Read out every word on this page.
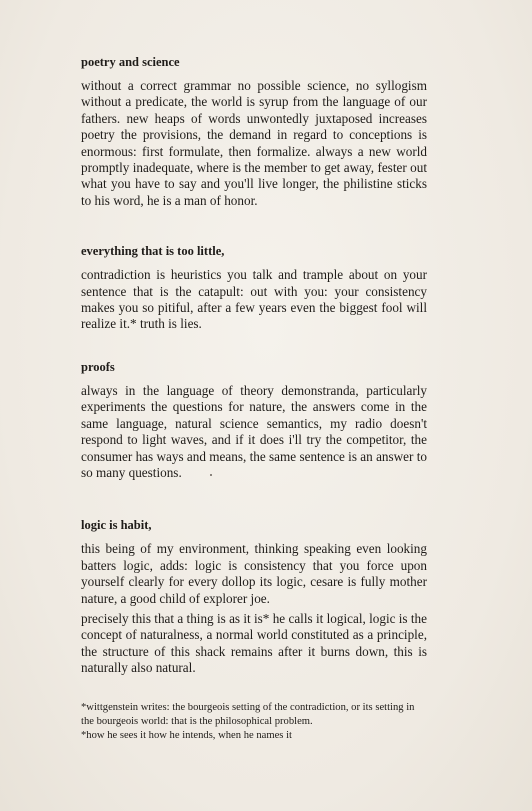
poetry and science

without a correct grammar no possible science, no syllogism without a predicate, the world is syrup from the language of our fathers. new heaps of words unwontedly juxtaposed increases poetry the provisions, the demand in regard to conceptions is enormous: first formulate, then formalize. always a new world promptly inadequate, where is the member to get away, fester out what you have to say and you'll live longer, the philistine sticks to his word, he is a man of honor.

everything that is too little,

contradiction is heuristics you talk and trample about on your sentence that is the catapult: out with you: your consistency makes you so pitiful, after a few years even the biggest fool will realize it.* truth is lies.

proofs

always in the language of theory demonstranda, particularly experiments the questions for nature, the answers come in the same language, natural science semantics, my radio doesn't respond to light waves, and if it does i'll try the competitor, the consumer has ways and means, the same sentence is an answer to so many questions.

logic is habit,

this being of my environment, thinking speaking even looking batters logic, adds: logic is consistency that you force upon yourself clearly for every dollop its logic, cesare is fully mother nature, a good child of explorer joe.

precisely this that a thing is as it is* he calls it logical, logic is the concept of naturalness, a normal world constituted as a principle, the structure of this shack remains after it burns down, this is naturally also natural.

*wittgenstein writes: the bourgeois setting of the contradiction, or its setting in the bourgeois world: that is the philosophical problem.

*how he sees it how he intends, when he names it
